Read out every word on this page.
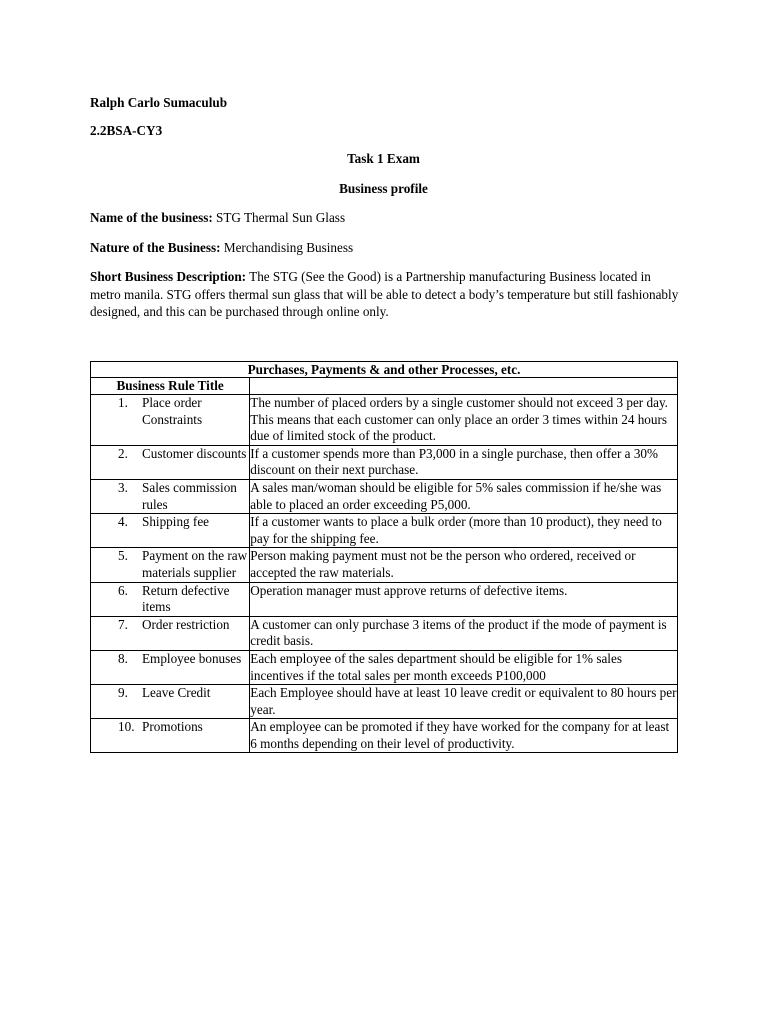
Ralph Carlo Sumaculub
2.2BSA-CY3
Task 1 Exam
Business profile
Name of the business: STG Thermal Sun Glass
Nature of the Business: Merchandising Business
Short Business Description: The STG (See the Good) is a Partnership manufacturing Business located in metro manila. STG offers thermal sun glass that will be able to detect a body’s temperature but still fashionably designed, and this can be purchased through online only.
Purchases, Payments & and other Processes, etc.	
Business Rule Title	

1. Place order Constraints	The number of placed orders by a single customer should not exceed 3 per day. This means that each customer can only place an order 3 times within 24 hours due of limited stock of the product.

2. Customer discounts	If a customer spends more than P3,000 in a single purchase, then offer a 30% discount on their next purchase.

3. Sales commission rules	A sales man/woman should be eligible for 5% sales commission if he/she was able to placed an order exceeding P5,000.

4. Shipping fee	If a customer wants to place a bulk order (more than 10 product), they need to pay for the shipping fee.

5. Payment on the raw materials supplier	Person making payment must not be the person who ordered, received or accepted the raw materials.

6. Return defective items	Operation manager must approve returns of defective items.

7. Order restriction	A customer can only purchase 3 items of the product if the mode of payment is credit basis.

8. Employee bonuses	Each employee of the sales department should be eligible for 1% sales incentives if the total sales per month exceeds P100,000

9. Leave Credit	Each Employee should have at least 10 leave credit or equivalent to 80 hours per year.

10. Promotions	An employee can be promoted if they have worked for the company for at least 6 months depending on their level of productivity.
